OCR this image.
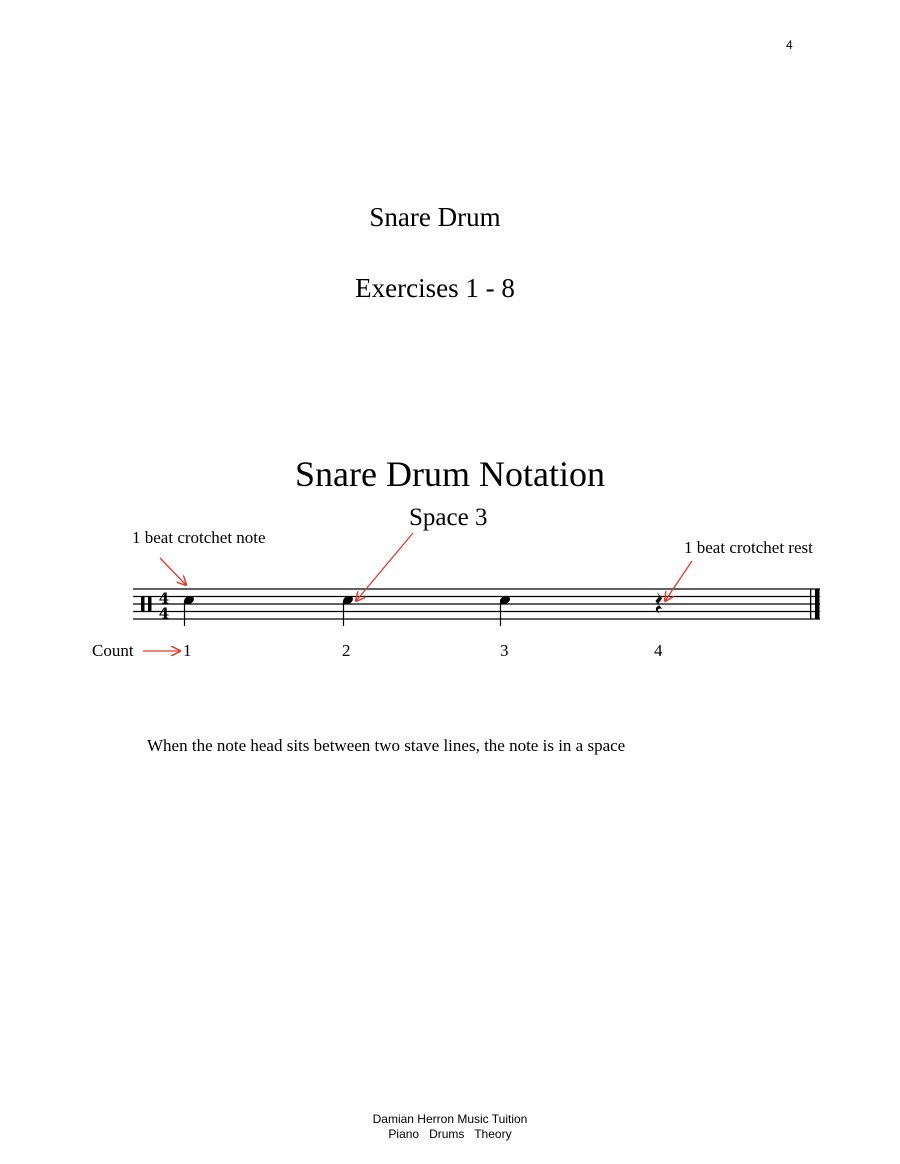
4
Snare Drum
Exercises 1 - 8
Snare Drum Notation
Space 3
1 beat crotchet note
1 beat crotchet rest
4
4
Count	1	2	3	4
When the note head sits between two stave lines, the note is in a space
Damian Herron Music Tuition
Piano   Drums   Theory
